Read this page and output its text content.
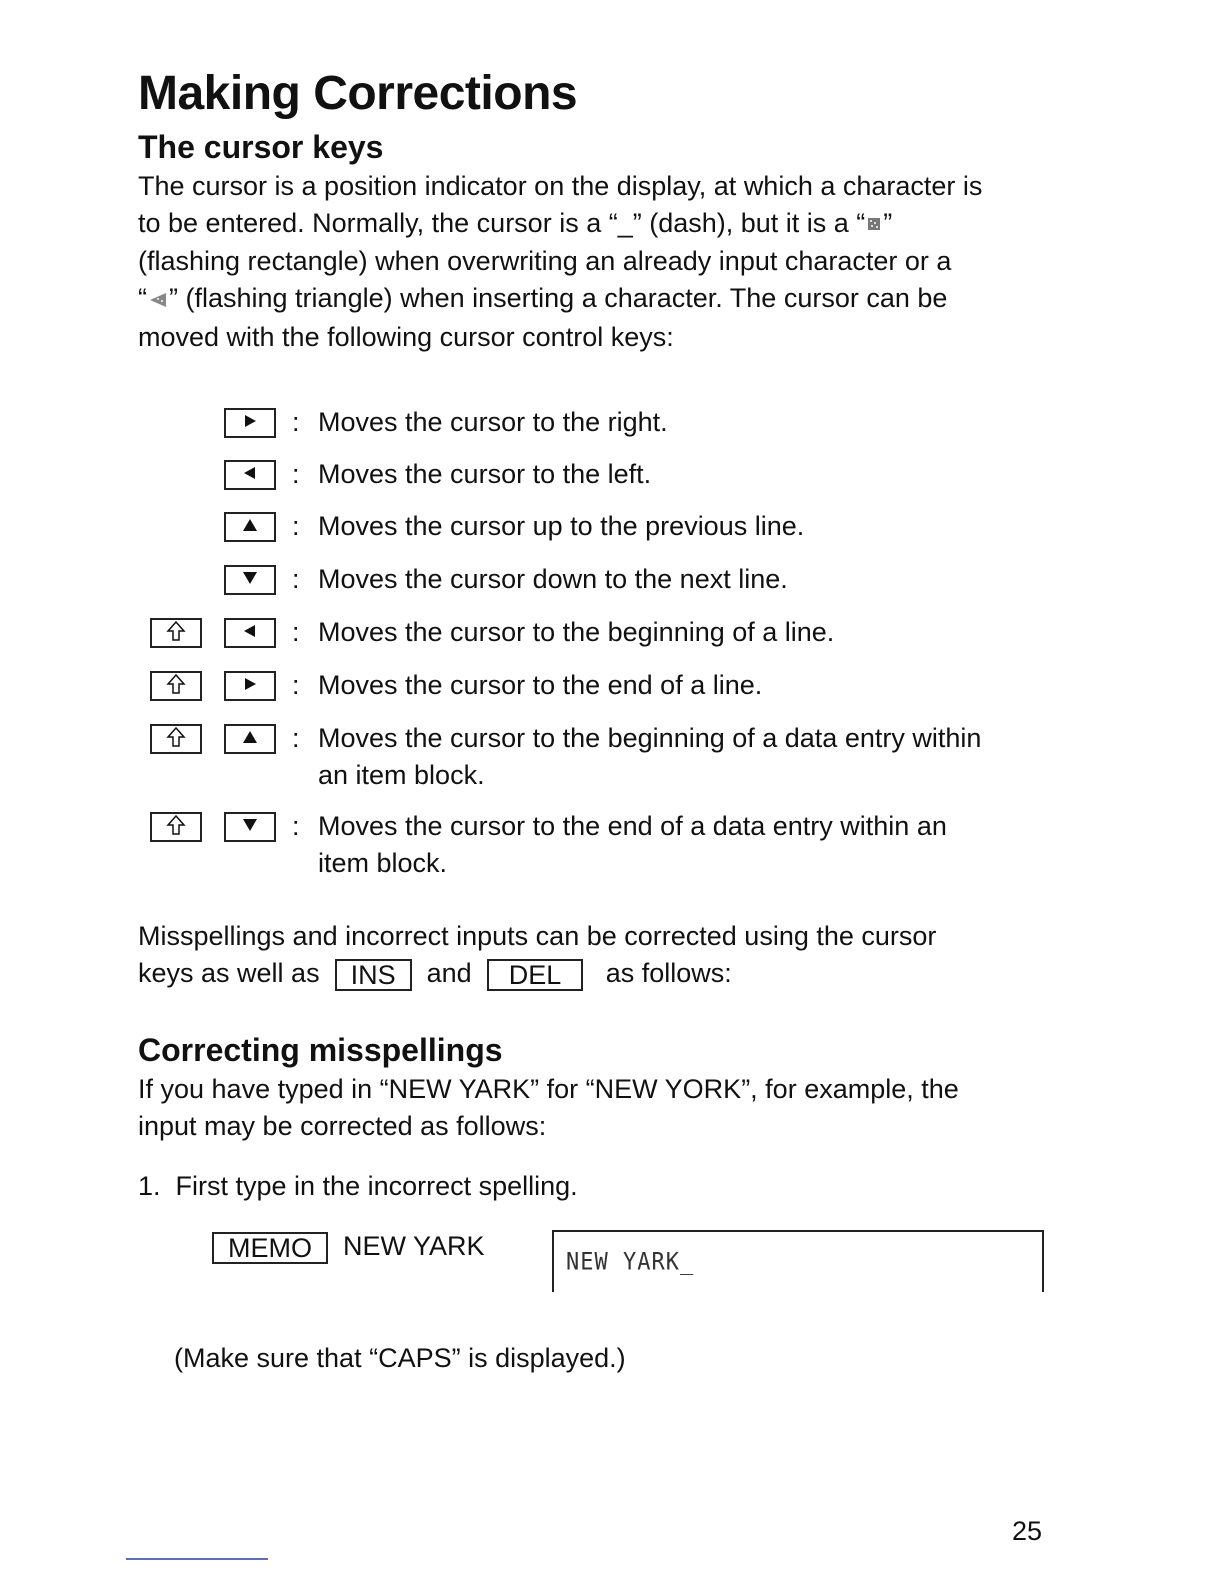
Making Corrections
The cursor keys

The cursor is a position indicator on the display, at which a character is

to be entered. Normally, the cursor is a “_” (dash), but it is a “ ”

(flashing rectangle) when overwriting an already input character or a

“ ” (flashing triangle) when inserting a character. The cursor can be

moved with the following cursor control keys:

: Moves the cursor to the right.
: Moves the cursor to the left.
: Moves the cursor up to the previous line.
: Moves the cursor down to the next line.
: Moves the cursor to the beginning of a line.
: Moves the cursor to the end of a line.
: Moves the cursor to the beginning of a data entry within
an item block.
: Moves the cursor to the end of a data entry within an
item block.

Misspellings and incorrect inputs can be corrected using the cursor

keys as well as INS and DEL as follows:

Correcting misspellings

If you have typed in “NEW YARK” for “NEW YORK”, for example, the

input may be corrected as follows:

1.  First type in the incorrect spelling.
MEMO NEW YARK
NEW YARK_
(Make sure that “CAPS” is displayed.)
25
